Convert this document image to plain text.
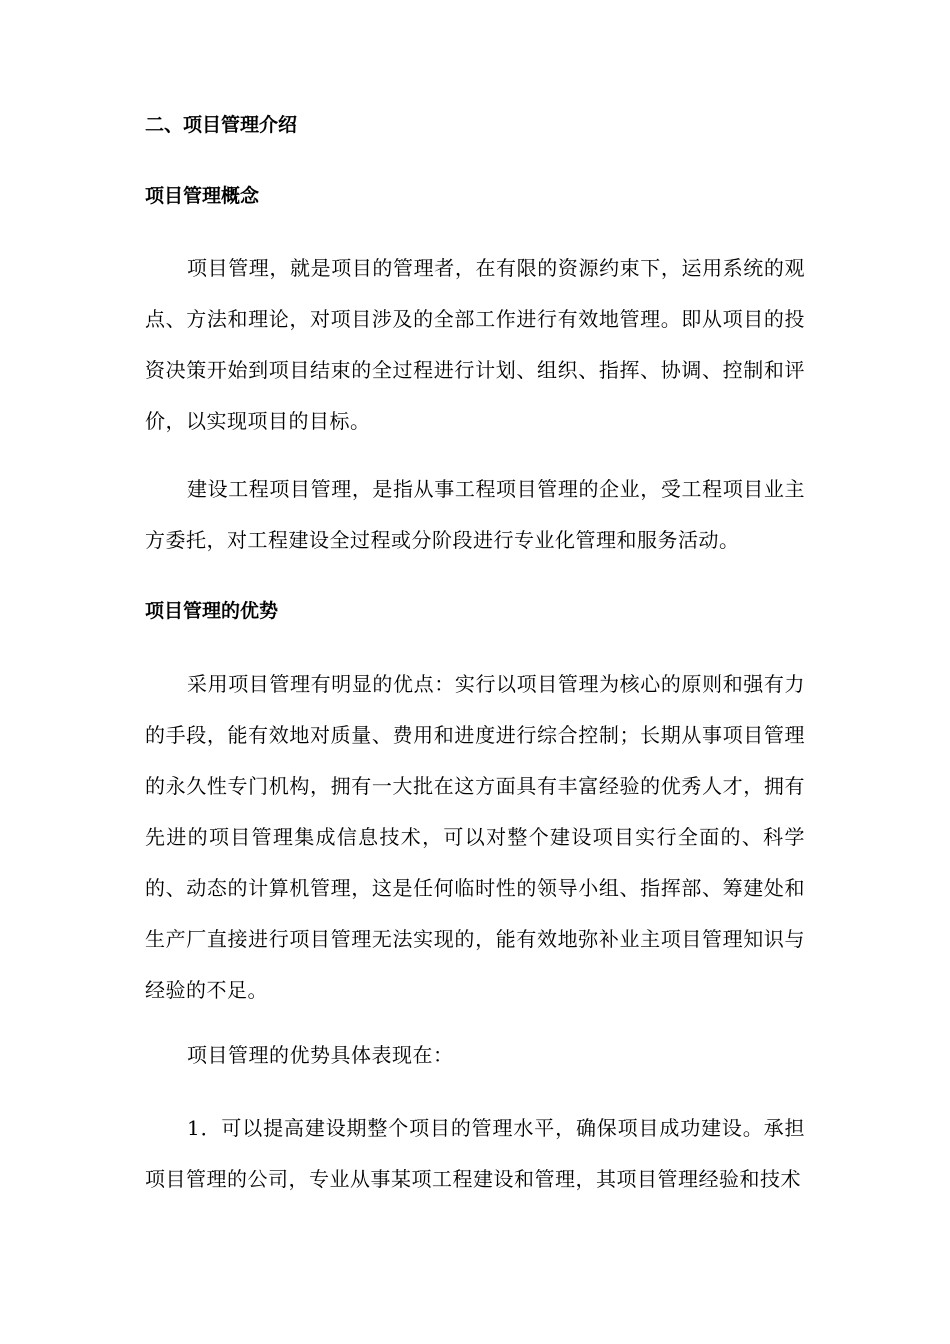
二、项目管理介绍
项目管理概念
项目管理，就是项目的管理者，在有限的资源约束下，运用系统的观点、方法和理论，对项目涉及的全部工作进行有效地管理。即从项目的投资决策开始到项目结束的全过程进行计划、组织、指挥、协调、控制和评价，以实现项目的目标。
建设工程项目管理，是指从事工程项目管理的企业，受工程项目业主方委托，对工程建设全过程或分阶段进行专业化管理和服务活动。
项目管理的优势
采用项目管理有明显的优点：实行以项目管理为核心的原则和强有力的手段，能有效地对质量、费用和进度进行综合控制；长期从事项目管理的永久性专门机构，拥有一大批在这方面具有丰富经验的优秀人才，拥有先进的项目管理集成信息技术，可以对整个建设项目实行全面的、科学的、动态的计算机管理，这是任何临时性的领导小组、指挥部、筹建处和生产厂直接进行项目管理无法实现的，能有效地弥补业主项目管理知识与经验的不足。
项目管理的优势具体表现在：
1．可以提高建设期整个项目的管理水平，确保项目成功建设。承担项目管理的公司，专业从事某项工程建设和管理，其项目管理经验和技术
